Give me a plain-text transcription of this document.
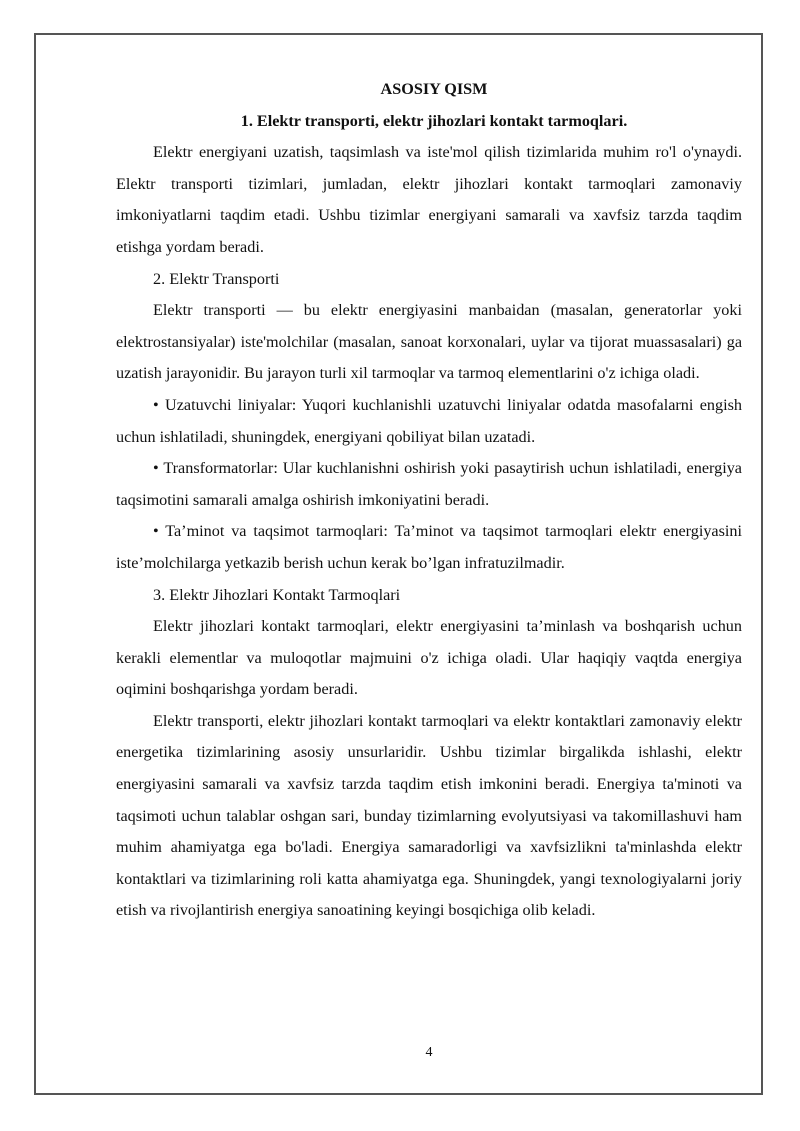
ASOSIY QISM
1. Elektr transporti, elektr jihozlari kontakt tarmoqlari.

Elektr energiyani uzatish, taqsimlash va iste'mol qilish tizimlarida muhim ro'l o'ynaydi. Elektr transporti tizimlari, jumladan, elektr jihozlari kontakt tarmoqlari zamonaviy imkoniyatlarni taqdim etadi. Ushbu tizimlar energiyani samarali va xavfsiz tarzda taqdim etishga yordam beradi.

2. Elektr Transporti

Elektr transporti — bu elektr energiyasini manbaidan (masalan, generatorlar yoki elektrostansiyalar) iste'molchilar (masalan, sanoat korxonalari, uylar va tijorat muassasalari) ga uzatish jarayonidir. Bu jarayon turli xil tarmoqlar va tarmoq elementlarini o'z ichiga oladi.

• Uzatuvchi liniyalar: Yuqori kuchlanishli uzatuvchi liniyalar odatda masofalarni engish uchun ishlatiladi, shuningdek, energiyani qobiliyat bilan uzatadi.

• Transformatorlar: Ular kuchlanishni oshirish yoki pasaytirish uchun ishlatiladi, energiya taqsimotini samarali amalga oshirish imkoniyatini beradi.

• Ta’minot va taqsimot tarmoqlari: Ta’minot va taqsimot tarmoqlari elektr energiyasini iste’molchilarga yetkazib berish uchun kerak bo’lgan infratuzilmadir.

3. Elektr Jihozlari Kontakt Tarmoqlari

Elektr jihozlari kontakt tarmoqlari, elektr energiyasini ta’minlash va boshqarish uchun kerakli elementlar va muloqotlar majmuini o'z ichiga oladi. Ular haqiqiy vaqtda energiya oqimini boshqarishga yordam beradi.

Elektr transporti, elektr jihozlari kontakt tarmoqlari va elektr kontaktlari zamonaviy elektr energetika tizimlarining asosiy unsurlaridir. Ushbu tizimlar birgalikda ishlashi, elektr energiyasini samarali va xavfsiz tarzda taqdim etish imkonini beradi. Energiya ta'minoti va taqsimoti uchun talablar oshgan sari, bunday tizimlarning evolyutsiyasi va takomillashuvi ham muhim ahamiyatga ega bo'ladi. Energiya samaradorligi va xavfsizlikni ta'minlashda elektr kontaktlari va tizimlarining roli katta ahamiyatga ega. Shuningdek, yangi texnologiyalarni joriy etish va rivojlantirish energiya sanoatining keyingi bosqichiga olib keladi.

4
